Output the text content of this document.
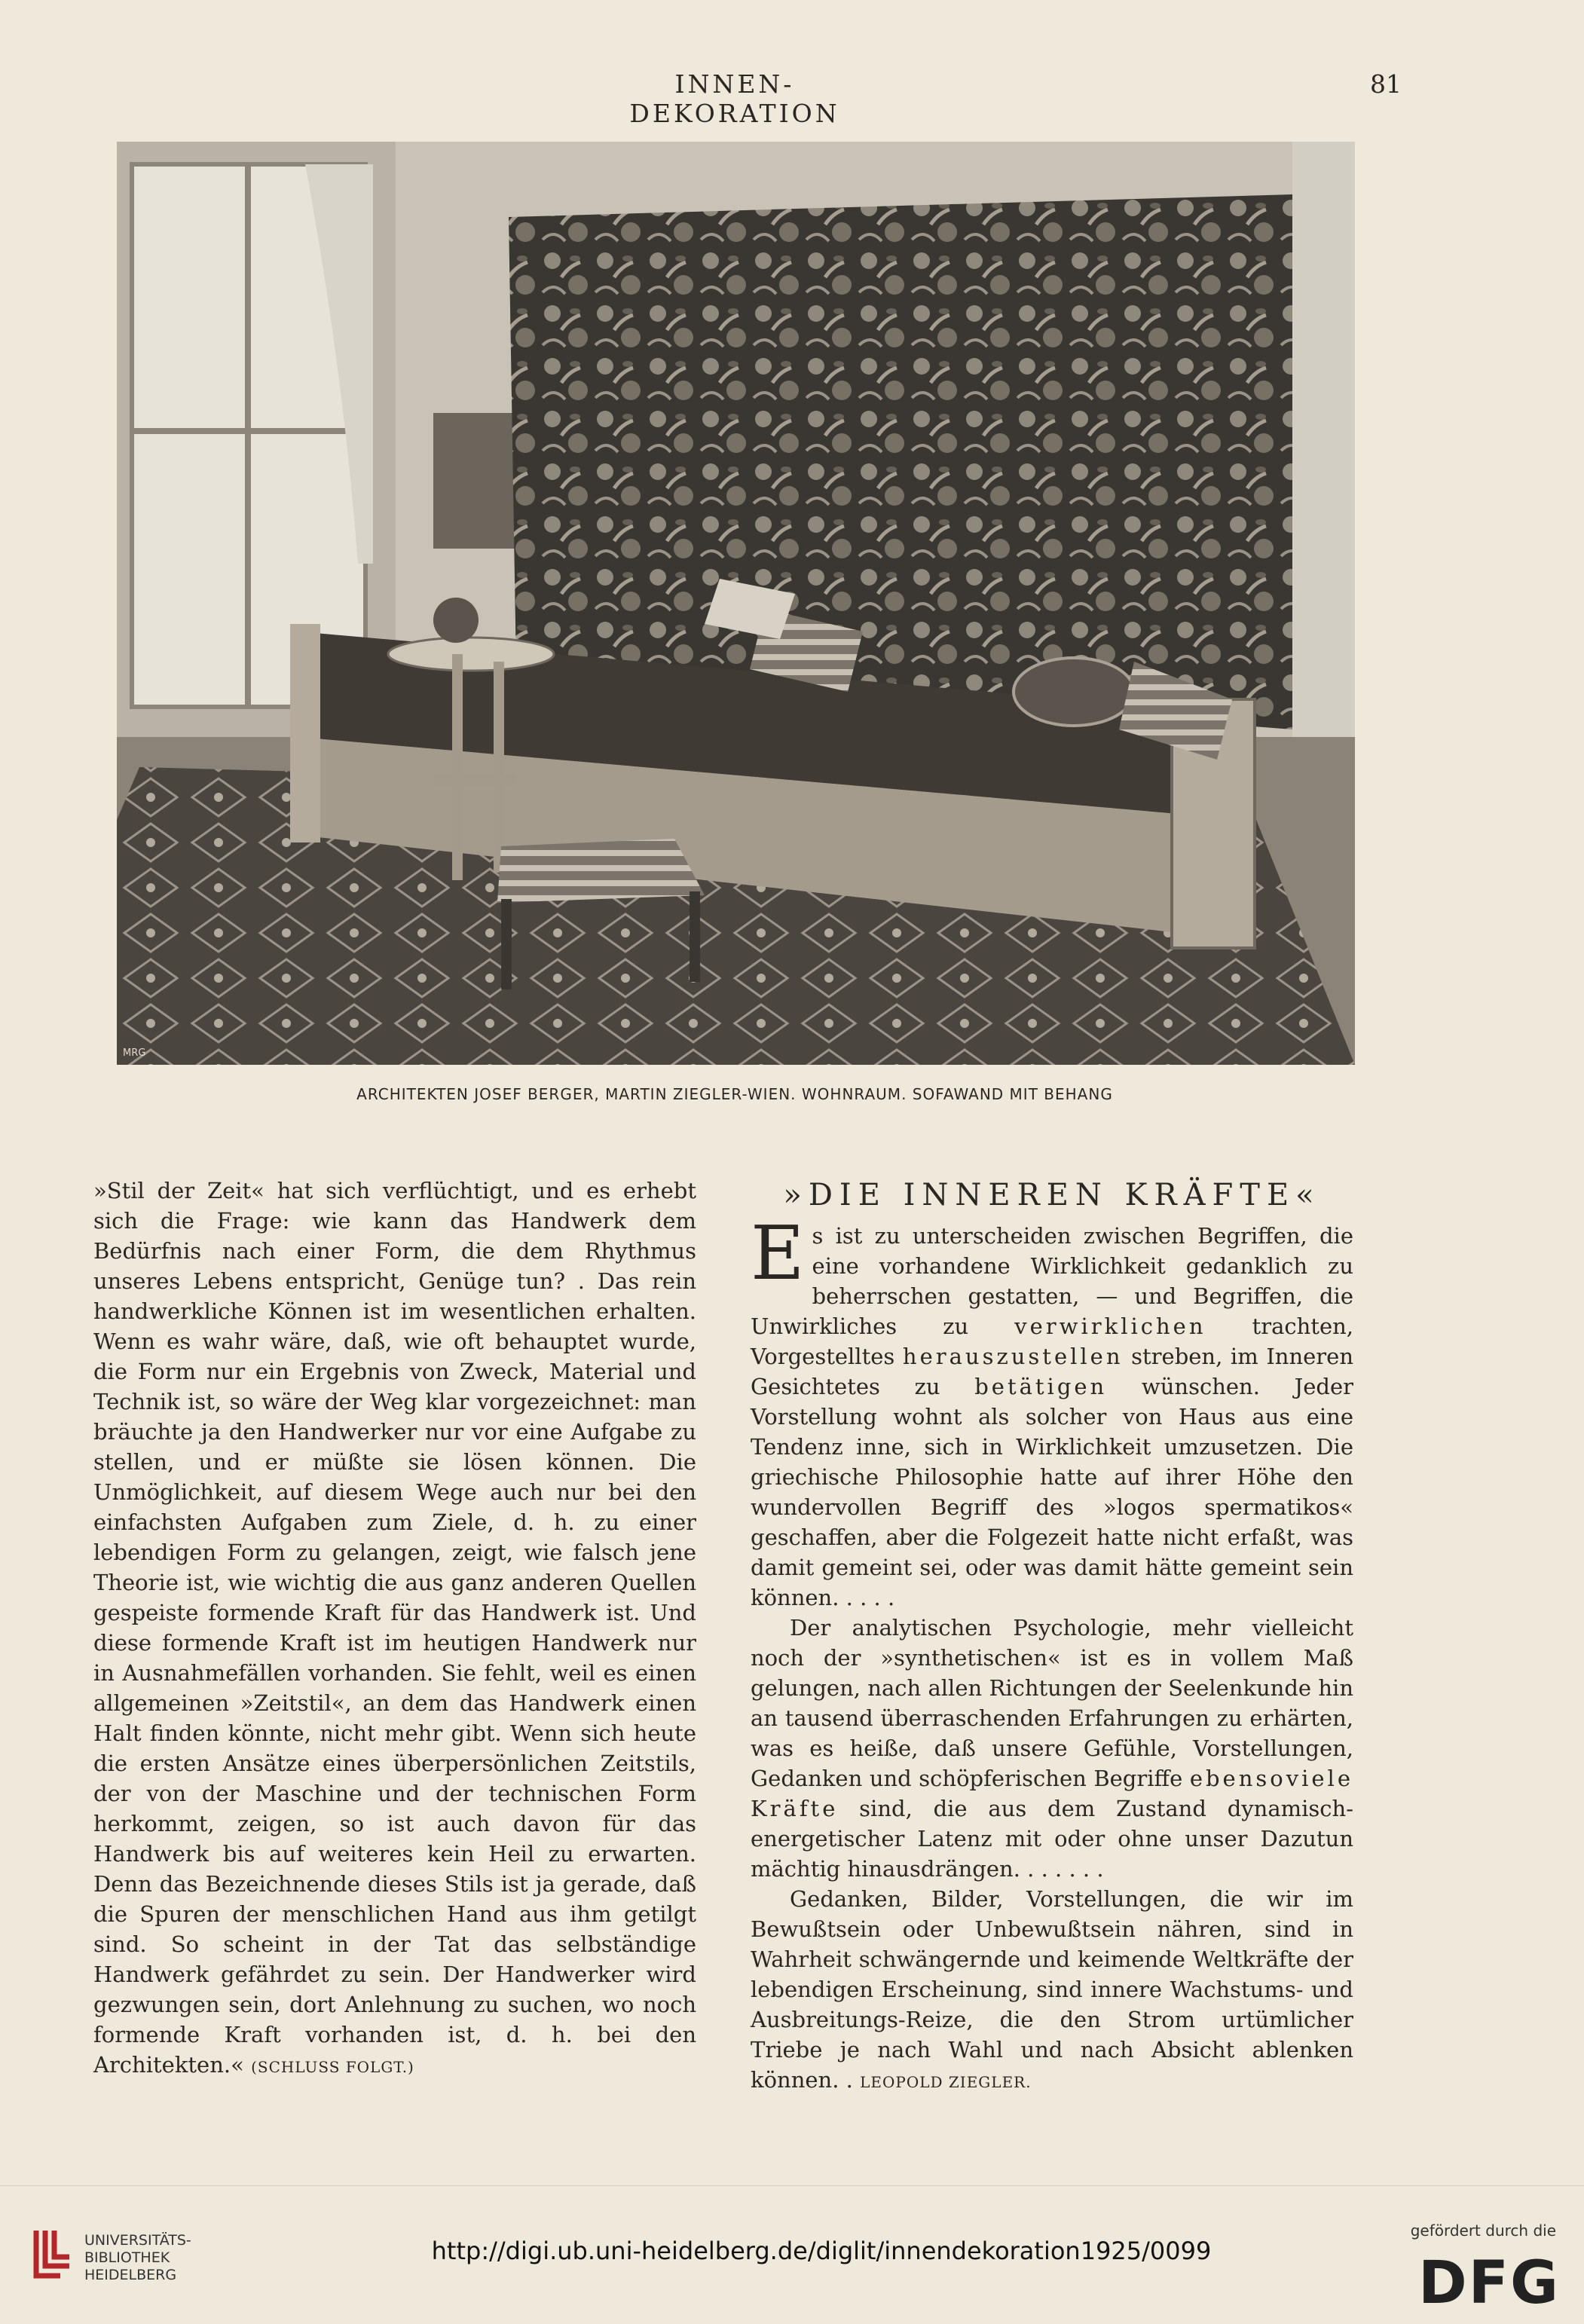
INNEN-DEKORATION
81
MRG
ARCHITEKTEN JOSEF BERGER, MARTIN ZIEGLER-WIEN. WOHNRAUM. SOFAWAND MIT BEHANG

»Stil der Zeit« hat sich verflüchtigt, und es erhebt sich die Frage: wie kann das Handwerk dem Bedürfnis nach einer Form, die dem Rhythmus unseres Lebens entspricht, Genüge tun? . Das rein handwerkliche Können ist im wesentlichen erhalten. Wenn es wahr wäre, daß, wie oft behauptet wurde, die Form nur ein Ergebnis von Zweck, Material und Technik ist, so wäre der Weg klar vorgezeichnet: man bräuchte ja den Handwerker nur vor eine Aufgabe zu stellen, und er müßte sie lösen können. Die Unmöglichkeit, auf diesem Wege auch nur bei den einfachsten Aufgaben zum Ziele, d. h. zu einer lebendigen Form zu gelangen, zeigt, wie falsch jene Theorie ist, wie wichtig die aus ganz anderen Quellen gespeiste formende Kraft für das Handwerk ist. Und diese formende Kraft ist im heutigen Handwerk nur in Ausnahmefällen vorhanden. Sie fehlt, weil es einen allgemeinen »Zeitstil«, an dem das Handwerk einen Halt finden könnte, nicht mehr gibt. Wenn sich heute die ersten Ansätze eines überpersönlichen Zeitstils, der von der Maschine und der technischen Form herkommt, zeigen, so ist auch davon für das Handwerk bis auf weiteres kein Heil zu erwarten. Denn das Bezeichnende dieses Stils ist ja gerade, daß die Spuren der menschlichen Hand aus ihm getilgt sind. So scheint in der Tat das selbständige Handwerk gefährdet zu sein. Der Handwerker wird gezwungen sein, dort Anlehnung zu suchen, wo noch formende Kraft vorhanden ist, d. h. bei den Architekten.« (SCHLUSS FOLGT.)

»DIE INNEREN KRÄFTE«

Es ist zu unterscheiden zwischen Begriffen, die eine vorhandene Wirklichkeit gedanklich zu beherrschen gestatten, — und Begriffen, die Unwirkliches zu verwirklichen trachten, Vorgestelltes herauszustellen streben, im Inneren Gesichtetes zu betätigen wünschen. Jeder Vorstellung wohnt als solcher von Haus aus eine Tendenz inne, sich in Wirklichkeit umzusetzen. Die griechische Philosophie hatte auf ihrer Höhe den wundervollen Begriff des »logos spermatikos« geschaffen, aber die Folgezeit hatte nicht erfaßt, was damit gemeint sei, oder was damit hätte gemeint sein können. . . . .

Der analytischen Psychologie, mehr vielleicht noch der »synthetischen« ist es in vollem Maß gelungen, nach allen Richtungen der Seelenkunde hin an tausend überraschenden Erfahrungen zu erhärten, was es heiße, daß unsere Gefühle, Vorstellungen, Gedanken und schöpferischen Begriffe ebensoviele Kräfte sind, die aus dem Zustand dynamisch-energetischer Latenz mit oder ohne unser Dazutun mächtig hinausdrängen. . . . . . .

Gedanken, Bilder, Vorstellungen, die wir im Bewußtsein oder Unbewußtsein nähren, sind in Wahrheit schwängernde und keimende Weltkräfte der lebendigen Erscheinung, sind innere Wachstums- und Ausbreitungs-Reize, die den Strom urtümlicher Triebe je nach Wahl und nach Absicht ablenken können. . LEOPOLD ZIEGLER.

UNIVERSITÄTS-
BIBLIOTHEK
HEIDELBERG
http://digi.ub.uni-heidelberg.de/diglit/innendekoration1925/0099
gefördert durch die
DFG
